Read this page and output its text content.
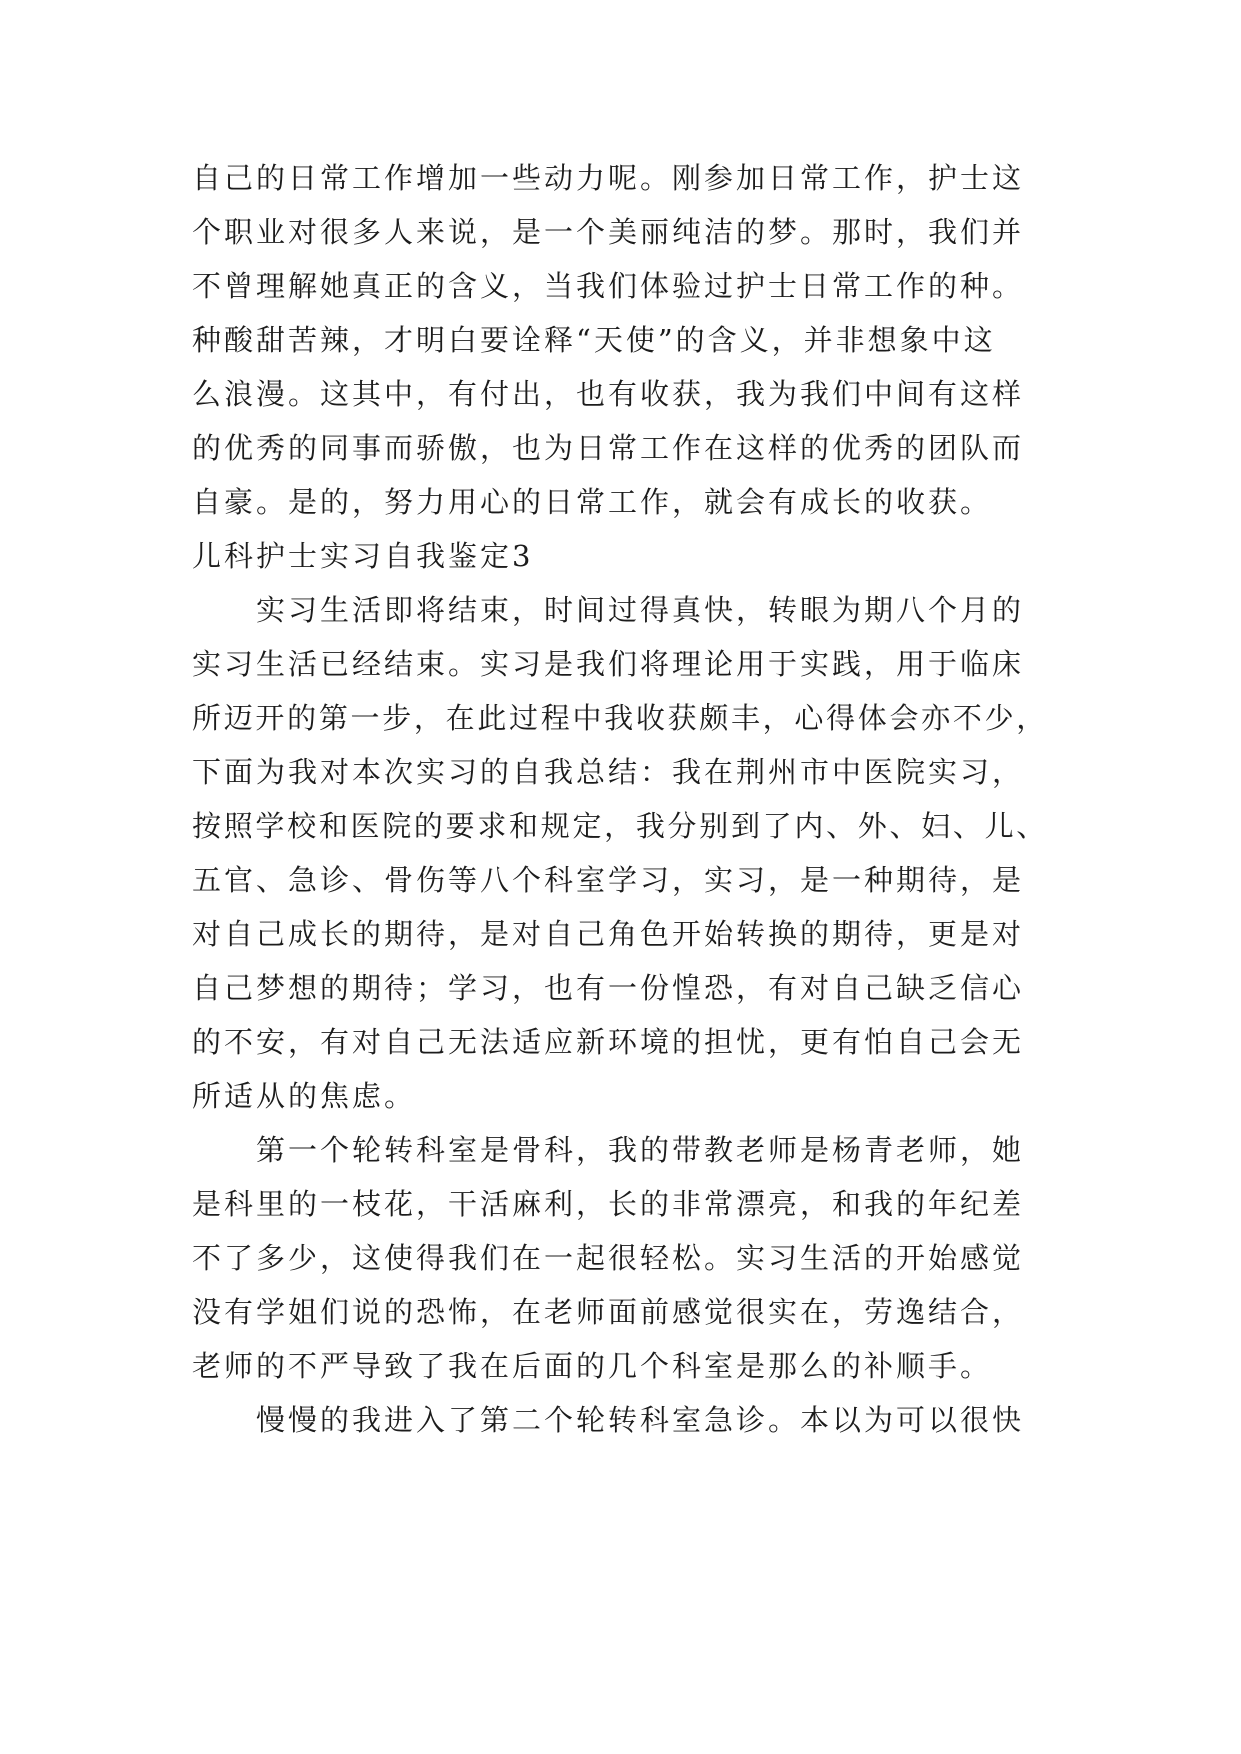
自己的日常工作增加一些动力呢。刚参加日常工作，护士这
个职业对很多人来说，是一个美丽纯洁的梦。那时，我们并
不曾理解她真正的含义，当我们体验过护士日常工作的种。
种酸甜苦辣，才明白要诠释“天使”的含义，并非想象中这
么浪漫。这其中，有付出，也有收获，我为我们中间有这样
的优秀的同事而骄傲，也为日常工作在这样的优秀的团队而
自豪。是的，努力用心的日常工作，就会有成长的收获。
儿科护士实习自我鉴定3
实习生活即将结束，时间过得真快，转眼为期八个月的
实习生活已经结束。实习是我们将理论用于实践，用于临床
所迈开的第一步，在此过程中我收获颇丰，心得体会亦不少，
下面为我对本次实习的自我总结：我在荆州市中医院实习，
按照学校和医院的要求和规定，我分别到了内、外、妇、儿、
五官、急诊、骨伤等八个科室学习，实习，是一种期待，是
对自己成长的期待，是对自己角色开始转换的期待，更是对
自己梦想的期待；学习，也有一份惶恐，有对自己缺乏信心
的不安，有对自己无法适应新环境的担忧，更有怕自己会无
所适从的焦虑。
第一个轮转科室是骨科，我的带教老师是杨青老师，她
是科里的一枝花，干活麻利，长的非常漂亮，和我的年纪差
不了多少，这使得我们在一起很轻松。实习生活的开始感觉
没有学姐们说的恐怖，在老师面前感觉很实在，劳逸结合，
老师的不严导致了我在后面的几个科室是那么的补顺手。
慢慢的我进入了第二个轮转科室急诊。本以为可以很快
